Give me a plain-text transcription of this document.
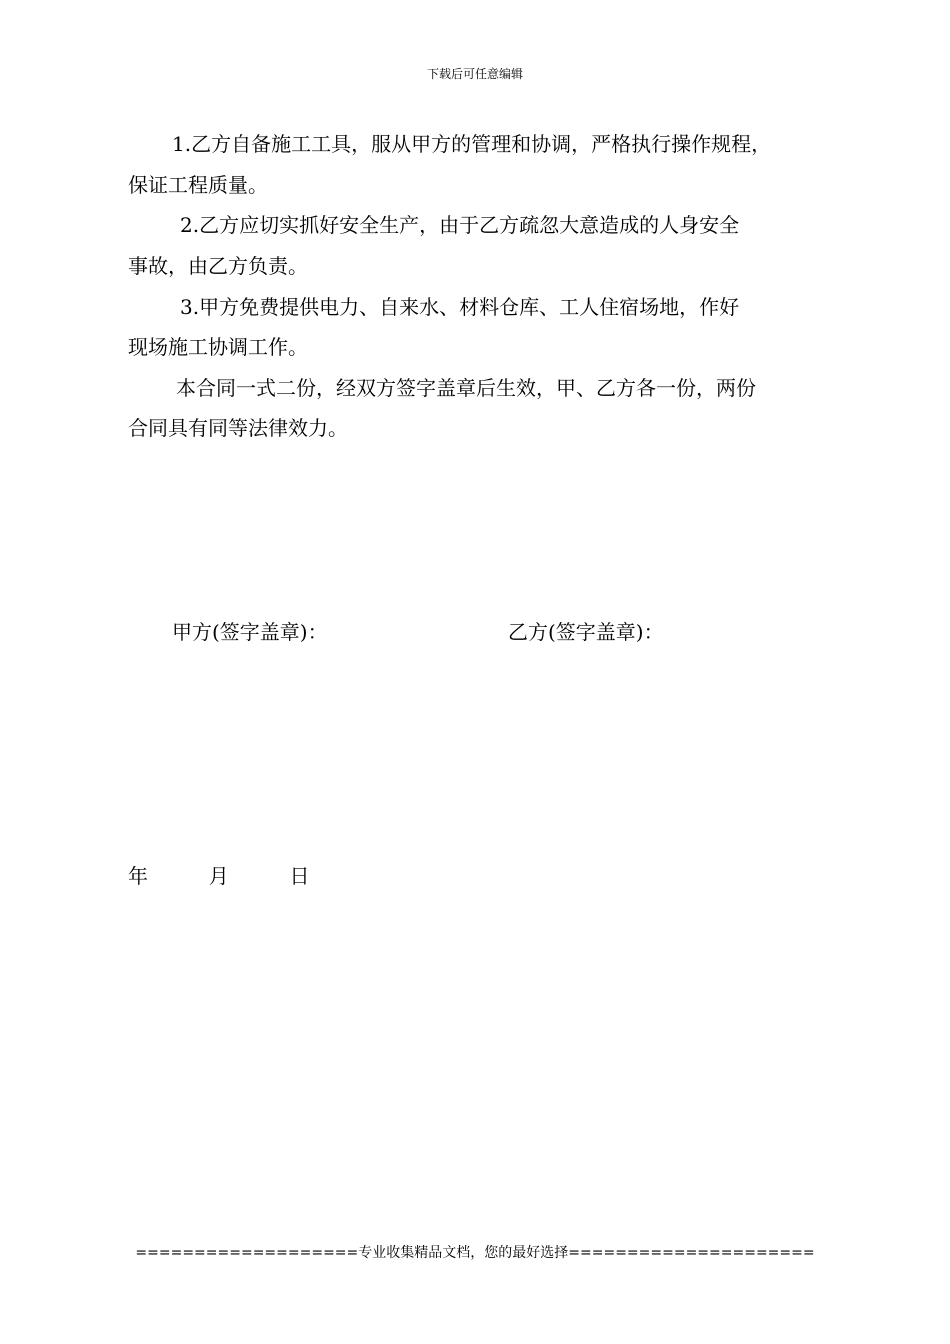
下载后可任意编辑
1.乙方自备施工工具，服从甲方的管理和协调，严格执行操作规程，
保证工程质量。
2.乙方应切实抓好安全生产，由于乙方疏忽大意造成的人身安全
事故，由乙方负责。
3.甲方免费提供电力、自来水、材料仓库、工人住宿场地，作好
现场施工协调工作。
本合同一式二份，经双方签字盖章后生效，甲、乙方各一份，两份
合同具有同等法律效力。
甲方(签字盖章)：	乙方(签字盖章)：
年	月	日
===================专业收集精品文档，您的最好选择=====================
